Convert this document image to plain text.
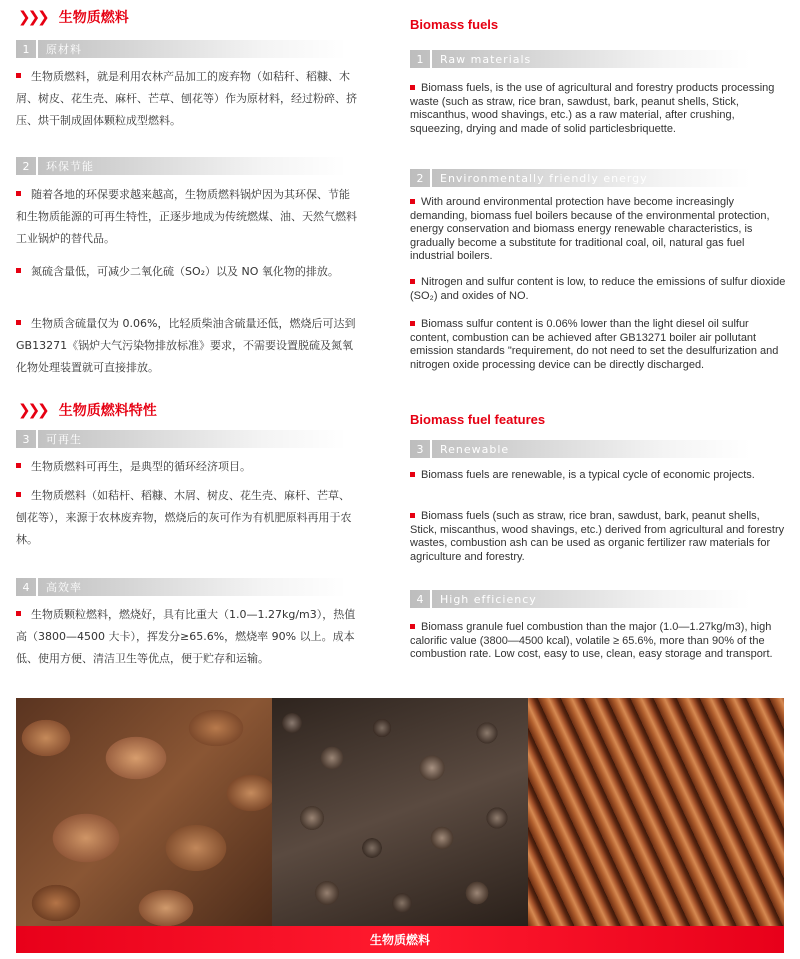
❯❯❯ 生物质燃料
1	原材料
生物质燃料，就是利用农林产品加工的废弃物（如秸秆、稻糠、木屑、树皮、花生壳、麻杆、芒草、刨花等）作为原材料，经过粉碎、挤压、烘干制成固体颗粒成型燃料。
2	环保节能
随着各地的环保要求越来越高，生物质燃料锅炉因为其环保、节能和生物质能源的可再生特性，正逐步地成为传统燃煤、油、天然气燃料工业锅炉的替代品。
氮硫含量低，可减少二氧化硫（SO₂）以及 NO 氧化物的排放。
生物质含硫量仅为 0.06%，比轻质柴油含硫量还低，燃烧后可达到 GB13271《锅炉大气污染物排放标准》要求，不需要设置脱硫及氮氧化物处理装置就可直接排放。
❯❯❯ 生物质燃料特性
3	可再生
生物质燃料可再生，是典型的循环经济项目。
生物质燃料（如秸杆、稻糠、木屑、树皮、花生壳、麻杆、芒草、刨花等），来源于农林废弃物，燃烧后的灰可作为有机肥原料再用于农林。
4	高效率
生物质颗粒燃料，燃烧好，具有比重大（1.0—1.27kg/m3），热值高（3800—4500 大卡），挥发分≥65.6%，燃烧率 90% 以上。成本低、使用方便、清洁卫生等优点，便于贮存和运输。
Biomass fuels
1	Raw materials
Biomass fuels, is the use of agricultural and forestry products processing waste (such as straw, rice bran, sawdust, bark, peanut shells, Stick, miscanthus, wood shavings, etc.) as a raw material, after crushing, squeezing, drying and made of solid particlesbriquette.
2	Environmentally friendly energy
With around environmental protection have become increasingly demanding, biomass fuel boilers because of the environmental protection, energy conservation and biomass energy renewable characteristics, is gradually become a substitute for traditional coal, oil, natural gas fuel industrial boilers.
Nitrogen and sulfur content is low, to reduce the emissions of sulfur dioxide (SO₂) and oxides of NO.
Biomass sulfur content is 0.06% lower than the light diesel oil sulfur content, combustion can be achieved after GB13271 boiler air pollutant emission standards "requirement, do not need to set the desulfurization and nitrogen oxide processing device can be directly discharged.
Biomass fuel features
3	Renewable
Biomass fuels are renewable, is a typical cycle of economic projects.
Biomass fuels (such as straw, rice bran, sawdust, bark, peanut shells, Stick, miscanthus, wood shavings, etc.) derived from agricultural and forestry wastes, combustion ash can be used as organic fertilizer raw materials for agriculture and forestry.
4	High efficiency
Biomass granule fuel combustion than the major (1.0—1.27kg/m3), high calorific value (3800—4500 kcal), volatile ≥ 65.6%, more than 90% of the combustion rate. Low cost, easy to use, clean, easy storage and transport.
生物质燃料
